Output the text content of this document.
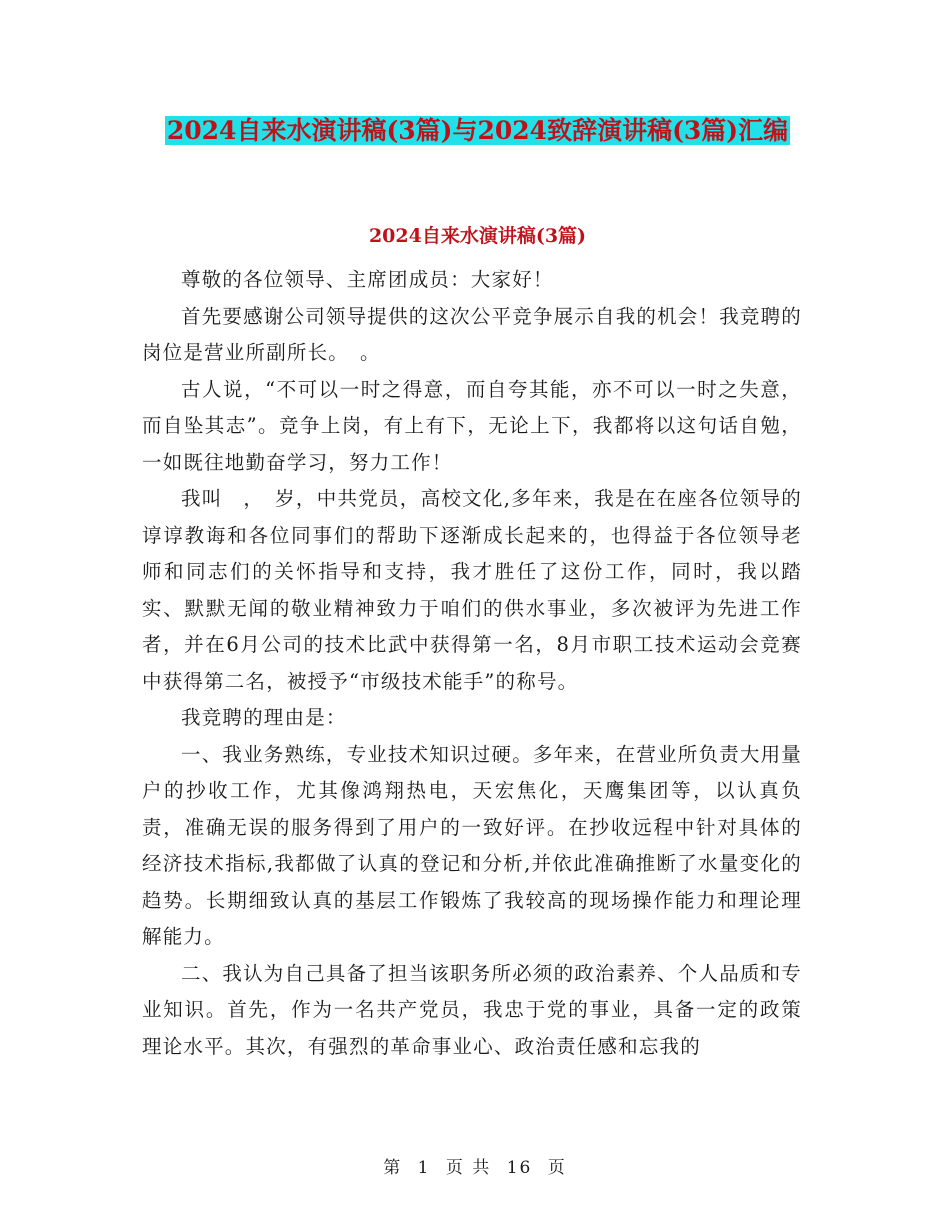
2024自来水演讲稿(3篇)与2024致辞演讲稿(3篇)汇编
2024自来水演讲稿(3篇)

尊敬的各位领导、主席团成员：大家好！

首先要感谢公司领导提供的这次公平竞争展示自我的机会！我竞聘的岗位是营业所副所长。　。

古人说，“不可以一时之得意，而自夸其能，亦不可以一时之失意，而自坠其志”。竞争上岗，有上有下，无论上下，我都将以这句话自勉，一如既往地勤奋学习，努力工作！

我叫　，　岁，中共党员，高校文化,多年来，我是在在座各位领导的谆谆教诲和各位同事们的帮助下逐渐成长起来的，也得益于各位领导老师和同志们的关怀指导和支持，我才胜任了这份工作，同时，我以踏实、默默无闻的敬业精神致力于咱们的供水事业，多次被评为先进工作者，并在6月公司的技术比武中获得第一名，8月市职工技术运动会竞赛中获得第二名，被授予“市级技术能手”的称号。

我竞聘的理由是：

一、我业务熟练，专业技术知识过硬。多年来，在营业所负责大用量户的抄收工作，尤其像鸿翔热电，天宏焦化，天鹰集团等，以认真负责，准确无误的服务得到了用户的一致好评。在抄收远程中针对具体的经济技术指标,我都做了认真的登记和分析,并依此准确推断了水量变化的趋势。长期细致认真的基层工作锻炼了我较高的现场操作能力和理论理解能力。

二、我认为自己具备了担当该职务所必须的政治素养、个人品质和专业知识。首先，作为一名共产党员，我忠于党的事业，具备一定的政策理论水平。其次，有强烈的革命事业心、政治责任感和忘我的

第 1 页 共 16 页
